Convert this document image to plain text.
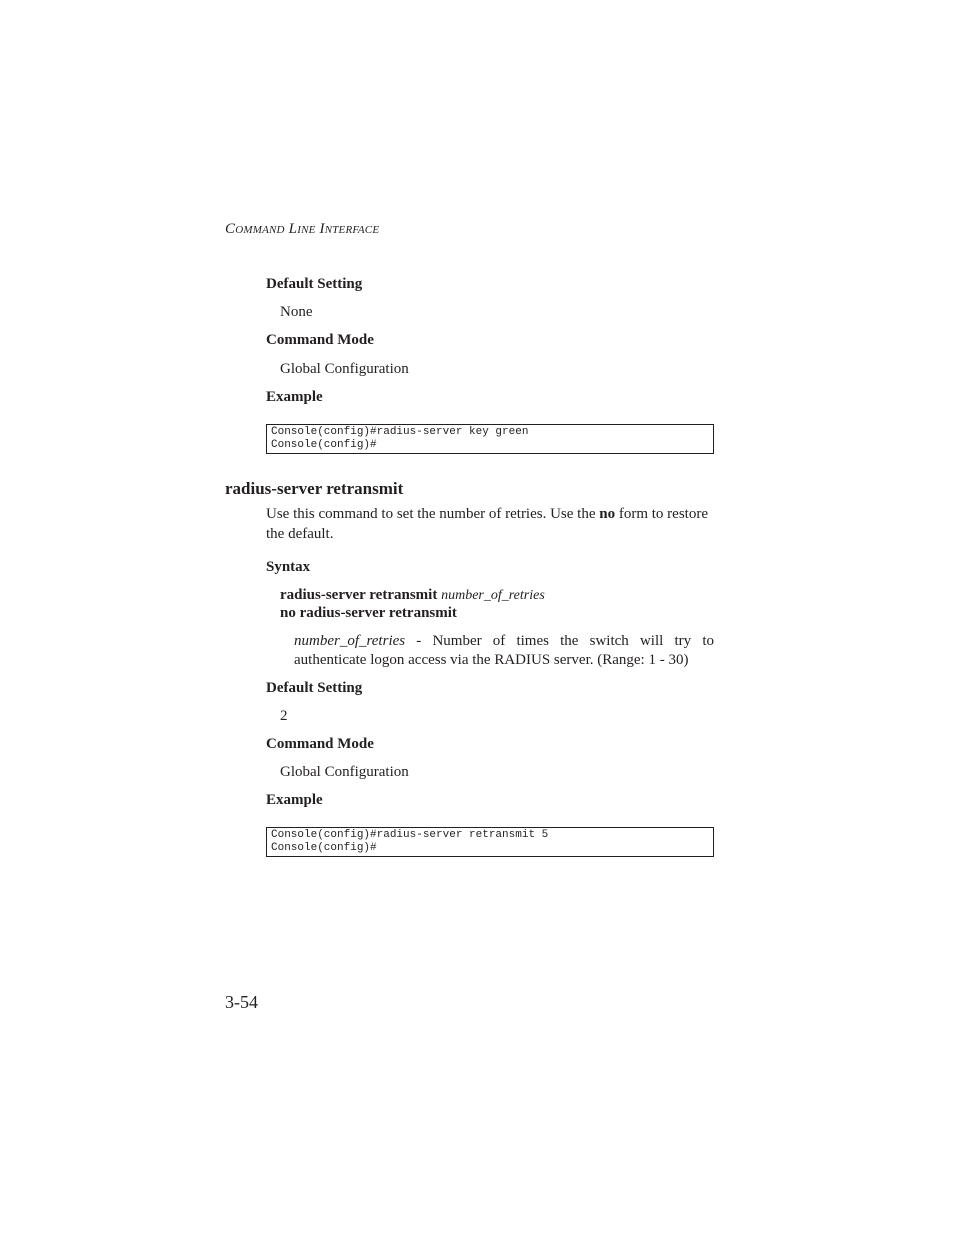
COMMAND LINE INTERFACE
Default Setting
None
Command Mode
Global Configuration
Example
Console(config)#radius-server key green
Console(config)#
radius-server retransmit
Use this command to set the number of retries. Use the no form to restore the default.
Syntax
radius-server retransmit number_of_retries
no radius-server retransmit
number_of_retries - Number of times the switch will try to authenticate logon access via the RADIUS server. (Range: 1 - 30)
Default Setting
2
Command Mode
Global Configuration
Example
Console(config)#radius-server retransmit 5
Console(config)#
3-54
